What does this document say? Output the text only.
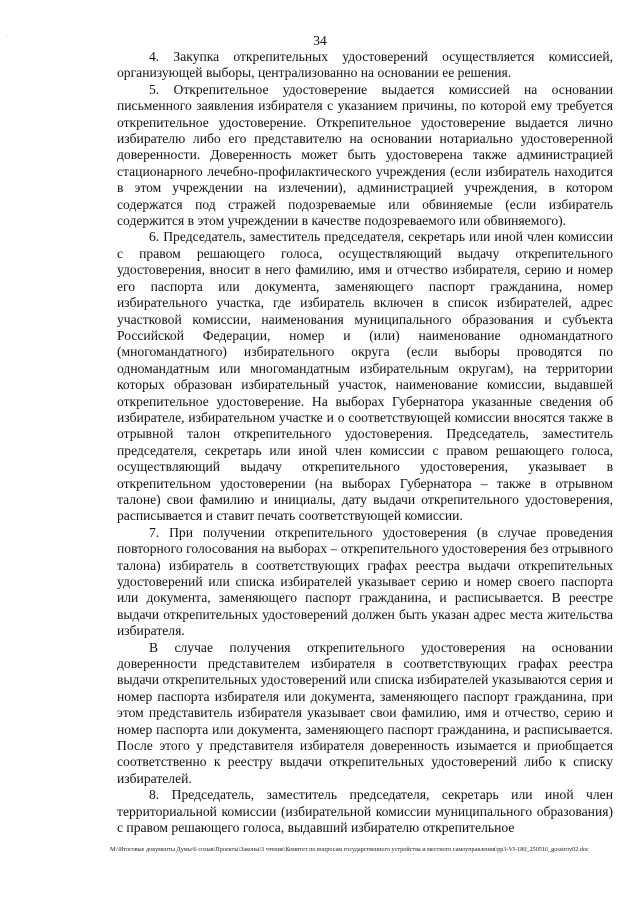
.	34

4. Закупка открепительных удостоверений осуществляется комиссией, организующей выборы, централизованно на основании ее решения.

5. Открепительное удостоверение выдается комиссией на основании письменного заявления избирателя с указанием причины, по которой ему требуется открепительное удостоверение. Открепительное удостоверение выдается лично избирателю либо его представителю на основании нотариально удостоверенной доверенности. Доверенность может быть удостоверена также администрацией стационарного лечебно-профилактического учреждения (если избиратель находится в этом учреждении на излечении), администрацией учреждения, в котором содержатся под стражей подозреваемые или обвиняемые (если избиратель содержится в этом учреждении в качестве подозреваемого или обвиняемого).

6. Председатель, заместитель председателя, секретарь или иной член комиссии с правом решающего голоса, осуществляющий выдачу открепительного удостоверения, вносит в него фамилию, имя и отчество избирателя, серию и номер его паспорта или документа, заменяющего паспорт гражданина, номер избирательного участка, где избиратель включен в список избирателей, адрес участковой комиссии, наименования муниципального образования и субъекта Российской Федерации, номер и (или) наименование одномандатного (многомандатного) избирательного округа (если выборы проводятся по одномандатным или многомандатным избирательным округам), на территории которых образован избирательный участок, наименование комиссии, выдавшей открепительное удостоверение. На выборах Губернатора указанные сведения об избирателе, избирательном участке и о соответствующей комиссии вносятся также в отрывной талон открепительного удостоверения. Председатель, заместитель председателя, секретарь или иной член комиссии с правом решающего голоса, осуществляющий выдачу открепительного удостоверения, указывает в открепительном удостоверении (на выборах Губернатора – также в отрывном талоне) свои фамилию и инициалы, дату выдачи открепительного удостоверения, расписывается и ставит печать соответствующей комиссии.

7. При получении открепительного удостоверения (в случае проведения повторного голосования на выборах – открепительного удостоверения без отрывного талона) избиратель в соответствующих графах реестра выдачи открепительных удостоверений или списка избирателей указывает серию и номер своего паспорта или документа, заменяющего паспорт гражданина, и расписывается. В реестре выдачи открепительных удостоверений должен быть указан адрес места жительства избирателя.

В случае получения открепительного удостоверения на основании доверенности представителем избирателя в соответствующих графах реестра выдачи открепительных удостоверений или списка избирателей указываются серия и номер паспорта избирателя или документа, заменяющего паспорт гражданина, при этом представитель избирателя указывает свои фамилию, имя и отчество, серию и номер паспорта или документа, заменяющего паспорт гражданина, и расписывается. После этого у представителя избирателя доверенность изымается и приобщается соответственно к реестру выдачи открепительных удостоверений либо к списку избирателей.

8. Председатель, заместитель председателя, секретарь или иной член территориальной комиссии (избирательной комиссии муниципального образования) с правом решающего голоса, выдавший избирателю открепительное

M:\Итоговые документы Думы\6 созыв\Проекты\Законы\3 чтение\Комитет по вопросам государственного устройства и местного самоуправления\рр3-VI-180_250516_gosstroy02.doc
